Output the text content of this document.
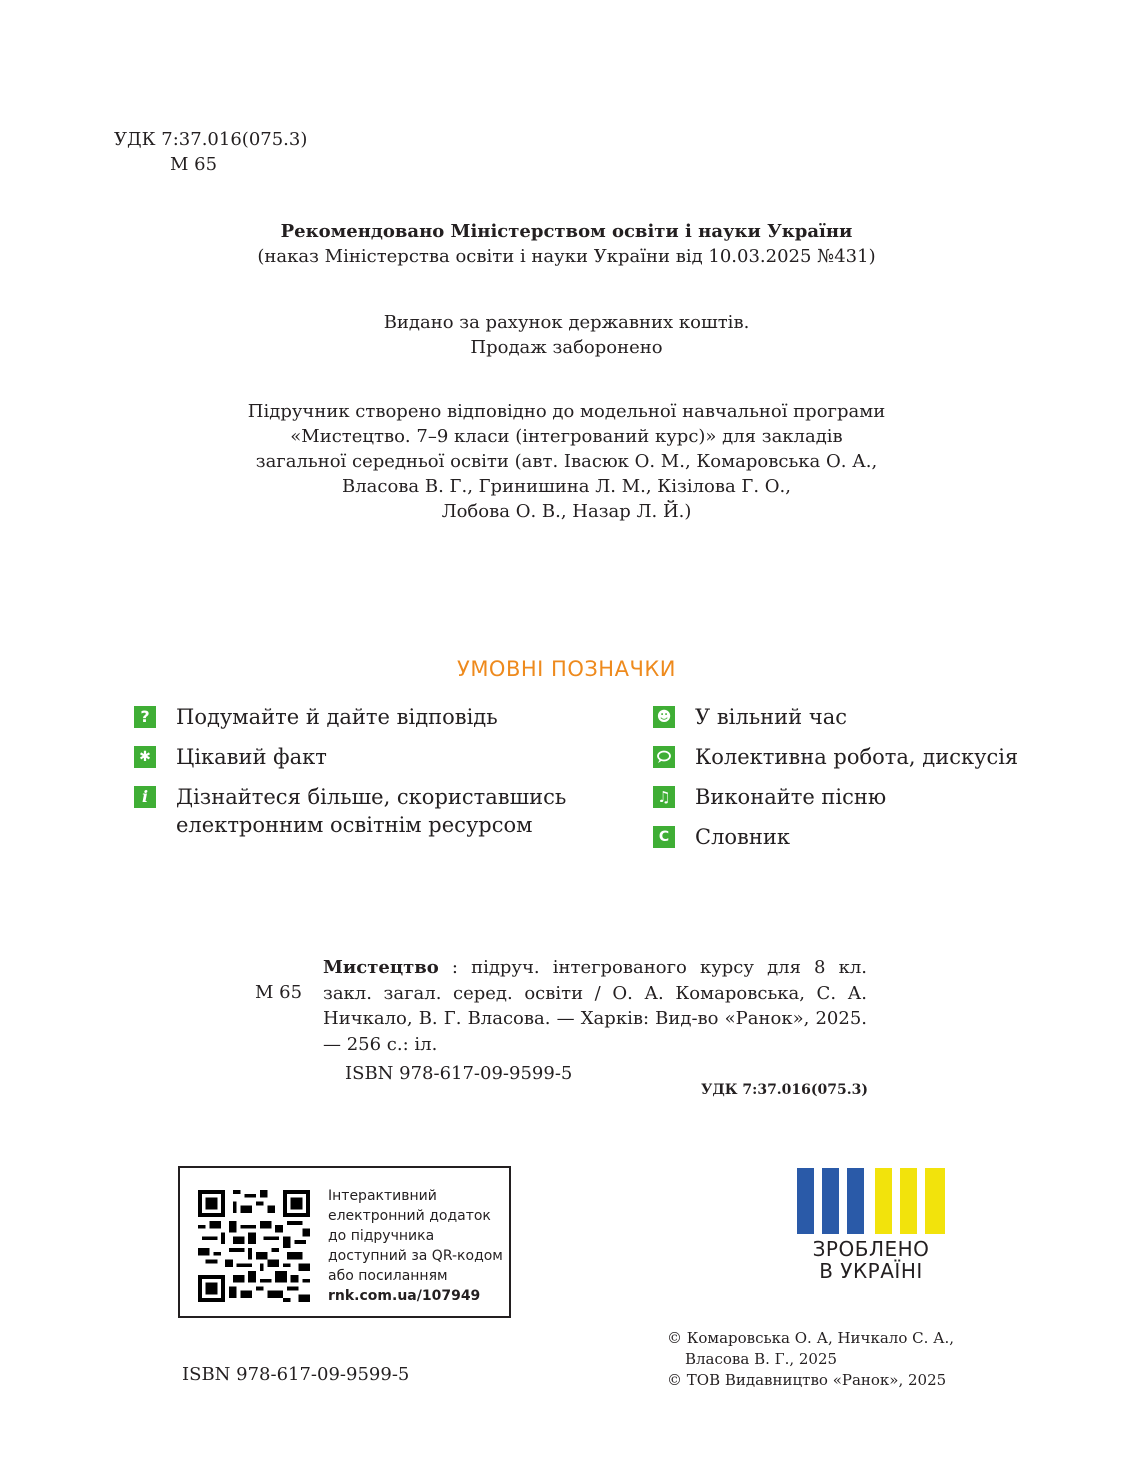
УДК 7:37.016(075.3)
М 65
Рекомендовано Міністерством освіти і науки України
(наказ Міністерства освіти і науки України від 10.03.2025 №431)
Видано за рахунок державних коштів.
Продаж заборонено
Підручник створено відповідно до модельної навчальної програми
«Мистецтво. 7–9 класи (інтегрований курс)» для закладів
загальної середньої освіти (авт. Івасюк О. М., Комаровська О. А.,
Власова В. Г., Гринишина Л. М., Кізілова Г. О.,
Лобова О. В., Назар Л. Й.)
УМОВНІ ПОЗНАЧКИ
?	Подумайте й дайте відповідь
✱ Цікавий факт
i	Дізнайтеся більше, скориставшись
електронним освітнім ресурсом
☻ У вільний час
Колективна робота, дискусія
♫ Виконайте пісню
С Словник
М 65
Мистецтво : підруч. інтегрованого курсу для 8 кл. закл. загал. серед. освіти / О. А. Комаровська, С. А. Ничкало, В. Г. Власова. — Харків: Вид-во «Ранок», 2025. — 256 с.: іл.
ISBN 978-617-09-9599-5
УДК 7:37.016(075.3)
Інтерактивний
електронний додаток
до підручника
доступний за QR-кодом
або посиланням
rnk.com.ua/107949
ЗРОБЛЕНО
В УКРАЇНІ
ISBN 978-617-09-9599-5
© Комаровська О. А, Ничкало С. А.,
Власова В. Г., 2025
© ТОВ Видавництво «Ранок», 2025
